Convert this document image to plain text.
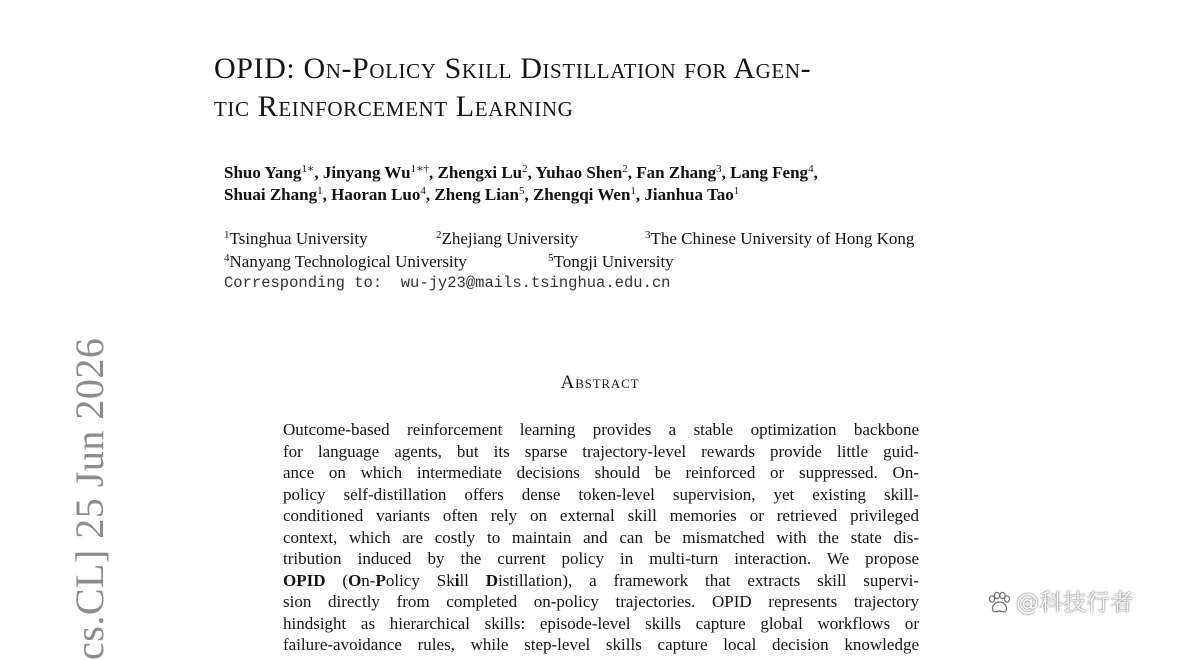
OPID: On-Policy Skill Distillation for Agen-
tic Reinforcement Learning
Shuo Yang$^{1∗}$, Jinyang $Wu^{1∗\dagger}$, Zhengxi Lu$^2$, Yuhao Shen$^2$, Fan Zhang$^3$, Lang Feng$^4$,
Shuai Zhang$^1$, Haoran Luo$^4$, Zheng Lian$^5$, Zhengqi Wen$^1$, Jianhua Tao$^1$
$^1$Tsinghua University	$^2$Zhejiang University	$^3$The Chinese University of Hong Kong
$^4$Nanyang Technological University	$^5$Tongji University
Corresponding to:  wu-jy23@mails.tsinghua.edu.cn
cs.CL] 25 Jun 2026	Abstract
Outcome-based reinforcement learning provides a stable optimization backbone
for language agents, but its sparse trajectory-level rewards provide little guid-
ance on which intermediate decisions should be reinforced or suppressed. On-
policy self-distillation offers dense token-level supervision, yet existing skill-
conditioned variants often rely on external skill memories or retrieved privileged
context, which are costly to maintain and can be mismatched with the state dis-
tribution induced by the current policy in multi-turn interaction. We propose
OPID (On-Policy Skill Distillation), a framework that extracts skill supervi-
sion directly from completed on-policy trajectories. OPID represents trajectory
hindsight as hierarchical skills: episode-level skills capture global workflows or
failure-avoidance rules, while step-level skills capture local decision knowledge
@科技行者
